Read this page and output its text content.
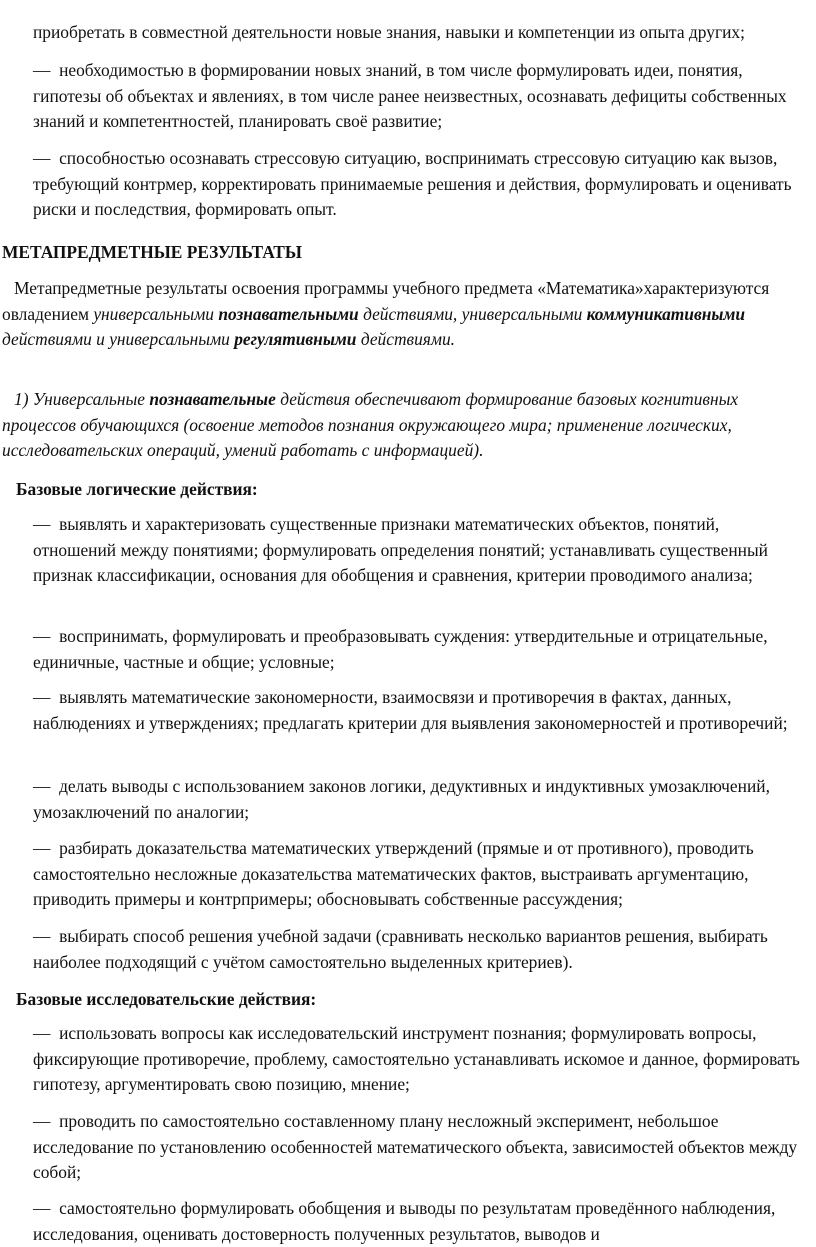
приобретать в совместной деятельности новые знания, навыки и компетенции из опыта других;

—  необходимостью в формировании новых знаний, в том числе формулировать идеи, понятия, гипотезы об объектах и явлениях, в том числе ранее неизвестных, осознавать дефициты собственных знаний и компетентностей, планировать своё развитие;

—  способностью осознавать стрессовую ситуацию, воспринимать стрессовую ситуацию как вызов, требующий контрмер, корректировать принимаемые решения и действия, формулировать и оценивать риски и последствия, формировать опыт.

МЕТАПРЕДМЕТНЫЕ РЕЗУЛЬТАТЫ

Метапредметные результаты освоения программы учебного предмета «Математика»характеризуются овладением универсальными познавательными действиями, универсальными коммуникативными действиями и универсальными регулятивными действиями.

1) Универсальные познавательные действия обеспечивают формирование базовых когнитивных процессов обучающихся (освоение методов познания окружающего мира; применение логических, исследовательских операций, умений работать с информацией).

Базовые логические действия:

—  выявлять и характеризовать существенные признаки математических объектов, понятий, отношений между понятиями; формулировать определения понятий; устанавливать существенный признак классификации, основания для обобщения и сравнения, критерии проводимого анализа;

—  воспринимать, формулировать и преобразовывать суждения: утвердительные и отрицательные, единичные, частные и общие; условные;

—  выявлять математические закономерности, взаимосвязи и противоречия в фактах, данных, наблюдениях и утверждениях; предлагать критерии для выявления закономерностей и противоречий;

—  делать выводы с использованием законов логики, дедуктивных и индуктивных умозаключений, умозаключений по аналогии;

—  разбирать доказательства математических утверждений (прямые и от противного), проводить самостоятельно несложные доказательства математических фактов, выстраивать аргументацию, приводить примеры и контрпримеры; обосновывать собственные рассуждения;

—  выбирать способ решения учебной задачи (сравнивать несколько вариантов решения, выбирать наиболее подходящий с учётом самостоятельно выделенных критериев).

Базовые исследовательские действия:

—  использовать вопросы как исследовательский инструмент познания; формулировать вопросы, фиксирующие противоречие, проблему, самостоятельно устанавливать искомое и данное, формировать гипотезу, аргументировать свою позицию, мнение;

—  проводить по самостоятельно составленному плану несложный эксперимент, небольшое исследование по установлению особенностей математического объекта, зависимостей объектов между собой;

—  самостоятельно формулировать обобщения и выводы по результатам проведённого наблюдения, исследования, оценивать достоверность полученных результатов, выводов и
